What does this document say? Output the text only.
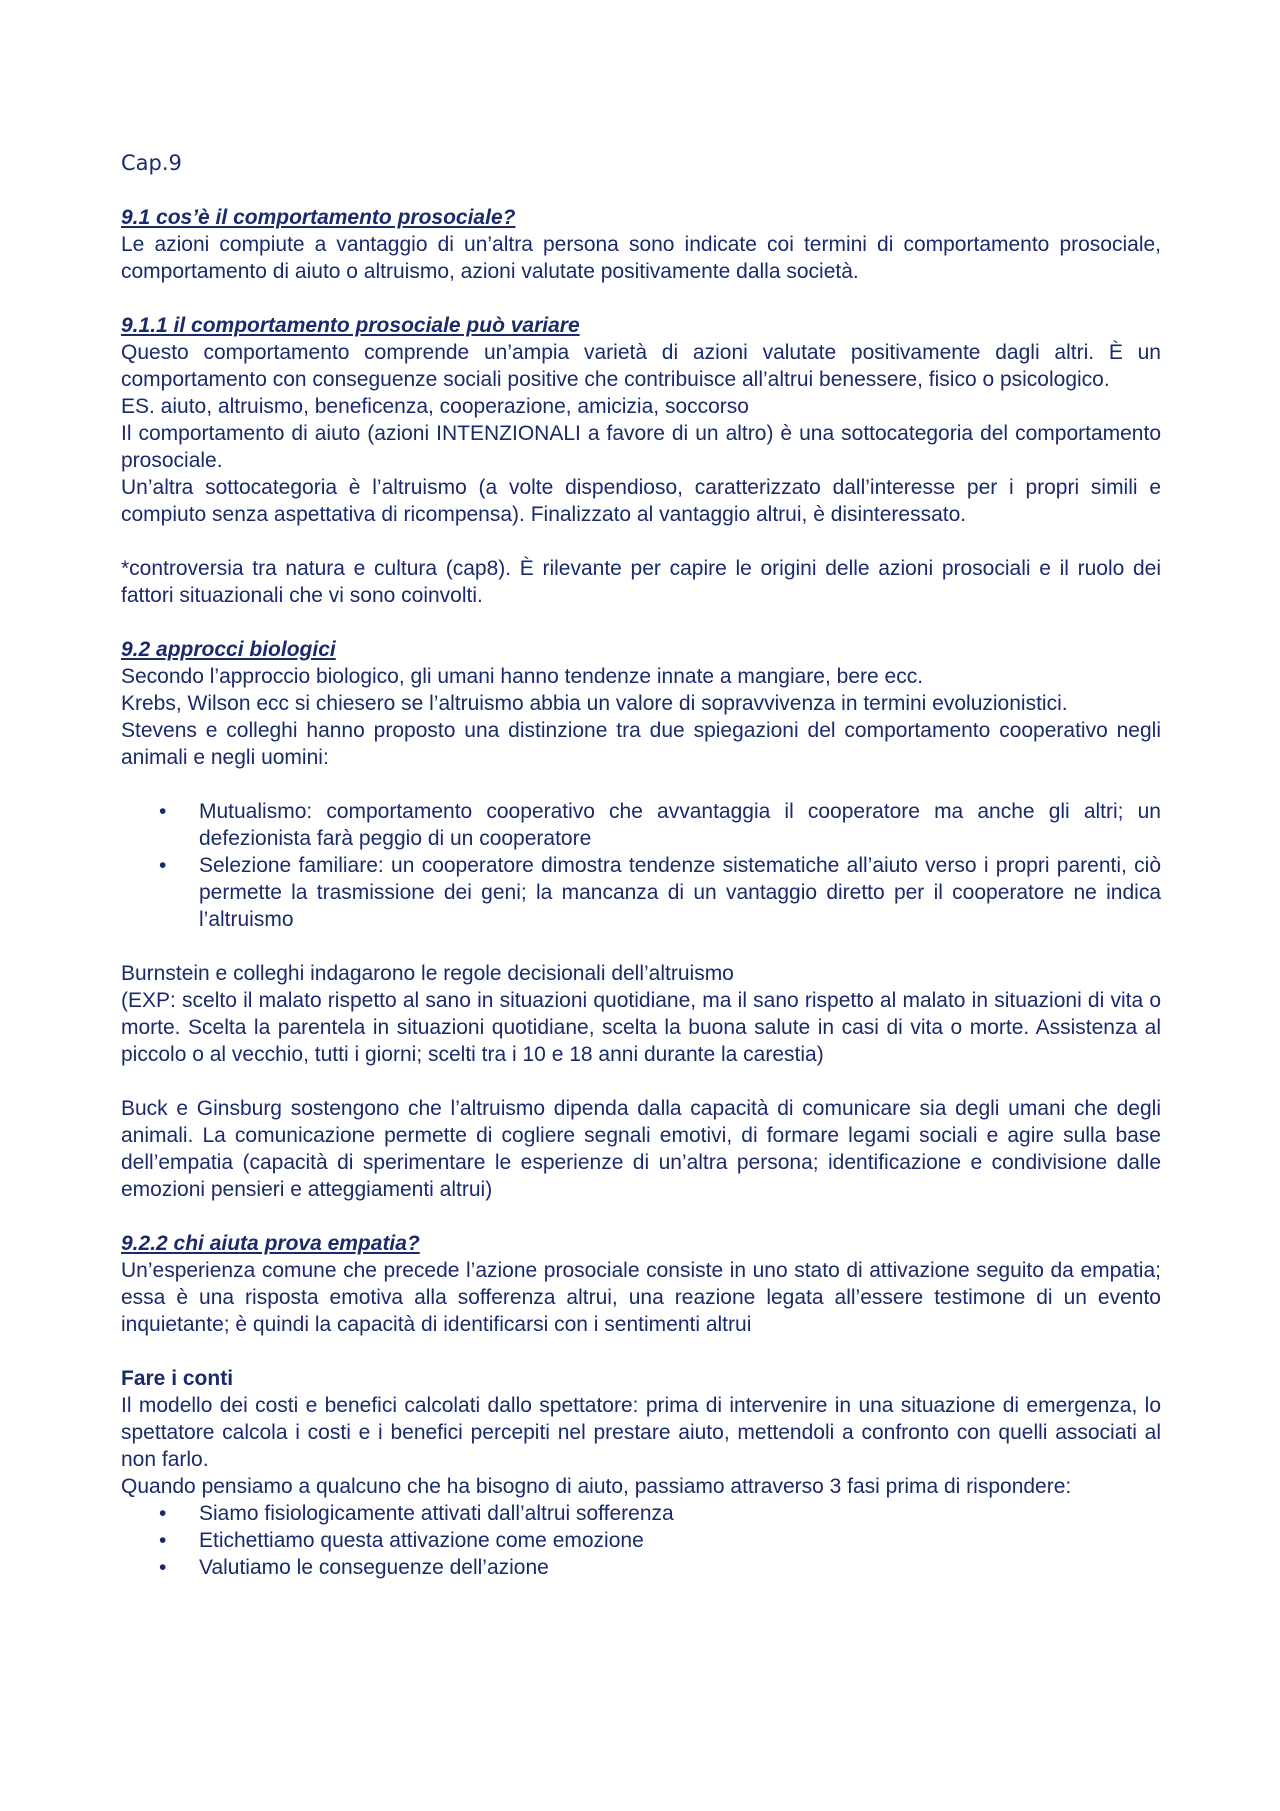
Cap.9

9.1 cos’è il comportamento prosociale?

Le azioni compiute a vantaggio di un’altra persona sono indicate coi termini di comportamento prosociale, comportamento di aiuto o altruismo, azioni valutate positivamente dalla società.

9.1.1 il comportamento prosociale può variare

Questo comportamento comprende un’ampia varietà di azioni valutate positivamente dagli altri. È un comportamento con conseguenze sociali positive che contribuisce all’altrui benessere, fisico o psicologico.

ES. aiuto, altruismo, beneficenza, cooperazione, amicizia, soccorso

Il comportamento di aiuto (azioni INTENZIONALI a favore di un altro) è una sottocategoria del comportamento prosociale.

Un’altra sottocategoria è l’altruismo (a volte dispendioso, caratterizzato dall’interesse per i propri simili e compiuto senza aspettativa di ricompensa). Finalizzato al vantaggio altrui, è disinteressato.

*controversia tra natura e cultura (cap8). È rilevante per capire le origini delle azioni prosociali e il ruolo dei fattori situazionali che vi sono coinvolti.

9.2 approcci biologici

Secondo l’approccio biologico, gli umani hanno tendenze innate a mangiare, bere ecc.

Krebs, Wilson ecc si chiesero se l’altruismo abbia un valore di sopravvivenza in termini evoluzionistici.

Stevens e colleghi hanno proposto una distinzione tra due spiegazioni del comportamento cooperativo negli animali e negli uomini:

• Mutualismo: comportamento cooperativo che avvantaggia il cooperatore ma anche gli altri; un defezionista farà peggio di un cooperatore
• Selezione familiare: un cooperatore dimostra tendenze sistematiche all’aiuto verso i propri parenti, ciò permette la trasmissione dei geni; la mancanza di un vantaggio diretto per il cooperatore ne indica l’altruismo

Burnstein e colleghi indagarono le regole decisionali dell’altruismo

(EXP: scelto il malato rispetto al sano in situazioni quotidiane, ma il sano rispetto al malato in situazioni di vita o morte. Scelta la parentela in situazioni quotidiane, scelta la buona salute in casi di vita o morte. Assistenza al piccolo o al vecchio, tutti i giorni; scelti tra i 10 e 18 anni durante la carestia)

Buck e Ginsburg sostengono che l’altruismo dipenda dalla capacità di comunicare sia degli umani che degli animali. La comunicazione permette di cogliere segnali emotivi, di formare legami sociali e agire sulla base dell’empatia (capacità di sperimentare le esperienze di un’altra persona; identificazione e condivisione dalle emozioni pensieri e atteggiamenti altrui)

9.2.2 chi aiuta prova empatia?

Un’esperienza comune che precede l’azione prosociale consiste in uno stato di attivazione seguito da empatia; essa è una risposta emotiva alla sofferenza altrui, una reazione legata all’essere testimone di un evento inquietante; è quindi la capacità di identificarsi con i sentimenti altrui

Fare i conti

Il modello dei costi e benefici calcolati dallo spettatore: prima di intervenire in una situazione di emergenza, lo spettatore calcola i costi e i benefici percepiti nel prestare aiuto, mettendoli a confronto con quelli associati al non farlo.

Quando pensiamo a qualcuno che ha bisogno di aiuto, passiamo attraverso 3 fasi prima di rispondere:

• Siamo fisiologicamente attivati dall’altrui sofferenza
• Etichettiamo questa attivazione come emozione
• Valutiamo le conseguenze dell’azione
